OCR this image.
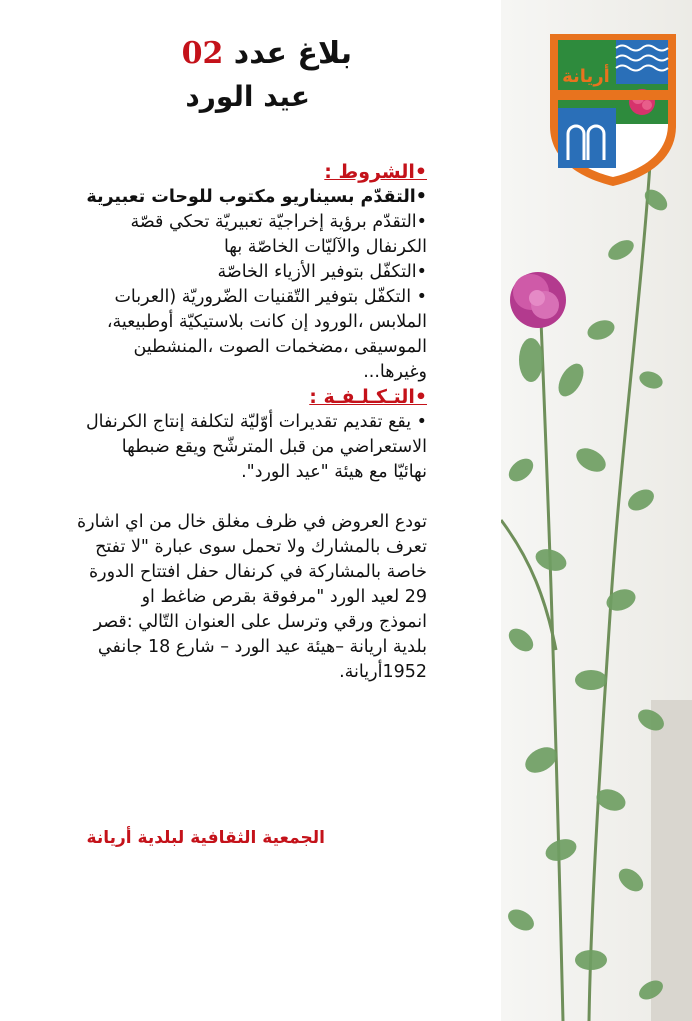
أريانة
بلاغ عدد 02
عيد الورد
•الشروط :
•التقدّم بسيناريو مكتوب للوحات تعبيرية
•التقدّم برؤية إخراجيّة تعبيريّة تحكي قصّة
الكرنفال والآليّات الخاصّة بها
•التكفّل بتوفير الأزياء الخاصّة
• التكفّل بتوفير التّقنيات الضّروريّة (العربات
الملابس ،الورود إن كانت بلاستيكيّة أوطبيعية،
الموسيقى ،مضخمات الصوت ،المنشطين
وغيرها...
•التـكـلـفـة :
• يقع تقديم تقديرات أوّليّة لتكلفة إنتاج الكرنفال
الاستعراضي من قبل المترشّح ويقع ضبطها
نهائيّا مع هيئة "عيد الورد".
تودع العروض في ظرف مغلق خال من اي اشارة
تعرف بالمشارك ولا تحمل سوى عبارة "لا تفتح
خاصة بالمشاركة في كرنفال حفل افتتاح الدورة
29 لعيد الورد "مرفوقة بقرص ضاغط او
انموذج ورقي وترسل على العنوان التّالي :قصر
بلدية اريانة –هيئة عيد الورد – شارع 18 جانفي
1952أريانة.
الجمعية الثقافية لبلدية أريانة
